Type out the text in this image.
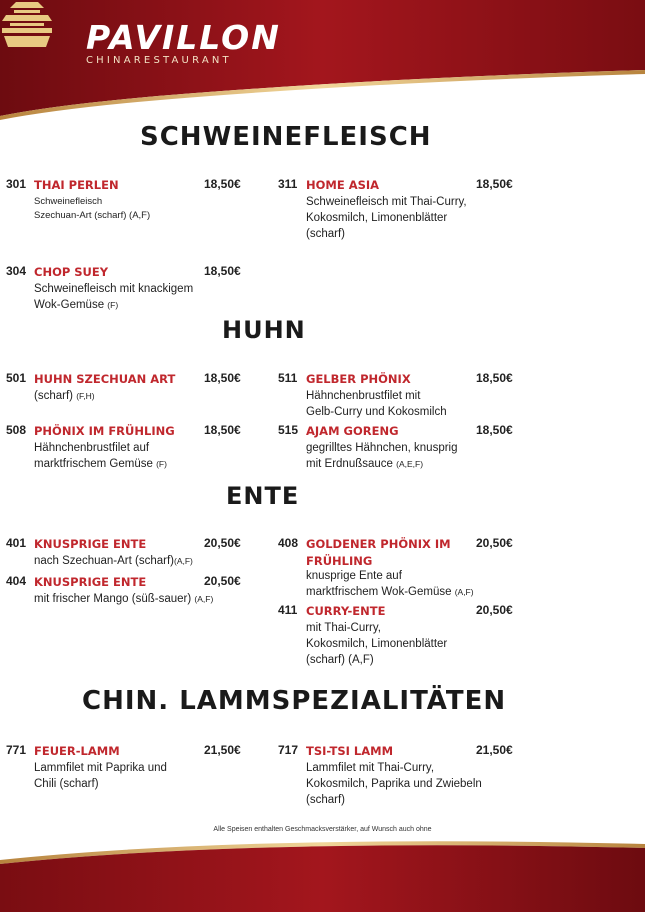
PAVILLON
CHINARESTAURANT
SCHWEINEFLEISCH
301 THAI PERLEN	18,50€
Schweinefleisch
Szechuan-Art (scharf) (A,F)
311 HOME ASIA	18,50€
Schweinefleisch mit Thai-Curry,
Kokosmilch, Limonenblätter
(scharf)
304 CHOP SUEY	18,50€
Schweinefleisch mit knackigem
Wok-Gemüse (F)
HUHN
501 HUHN SZECHUAN ART	18,50€
(scharf) (F,H)
511 GELBER PHÖNIX	18,50€
Hähnchenbrustfilet mit
Gelb-Curry und Kokosmilch
508 PHÖNIX IM FRÜHLING	18,50€
Hähnchenbrustfilet auf
marktfrischem Gemüse (F)
515 AJAM GORENG	18,50€
gegrilltes Hähnchen, knusprig
mit Erdnußsauce (A,E,F)
ENTE
401 KNUSPRIGE ENTE	20,50€
nach Szechuan-Art (scharf)(A,F)
408 GOLDENER PHÖNIX IM FRÜHLING
20,50€
knusprige Ente auf
marktfrischem Wok-Gemüse (A,F)
404 KNUSPRIGE ENTE	20,50€
mit frischer Mango (süß-sauer) (A,F)
411 CURRY-ENTE	20,50€
mit Thai-Curry,
Kokosmilch, Limonenblätter
(scharf) (A,F)
CHIN. LAMMSPEZIALITÄTEN
771 FEUER-LAMM	21,50€
Lammfilet mit Paprika und
Chili (scharf)
717 TSI-TSI LAMM	21,50€
Lammfilet mit Thai-Curry,
Kokosmilch, Paprika und Zwiebeln
(scharf)
Alle Speisen enthalten Geschmacksverstärker, auf Wunsch auch ohne
